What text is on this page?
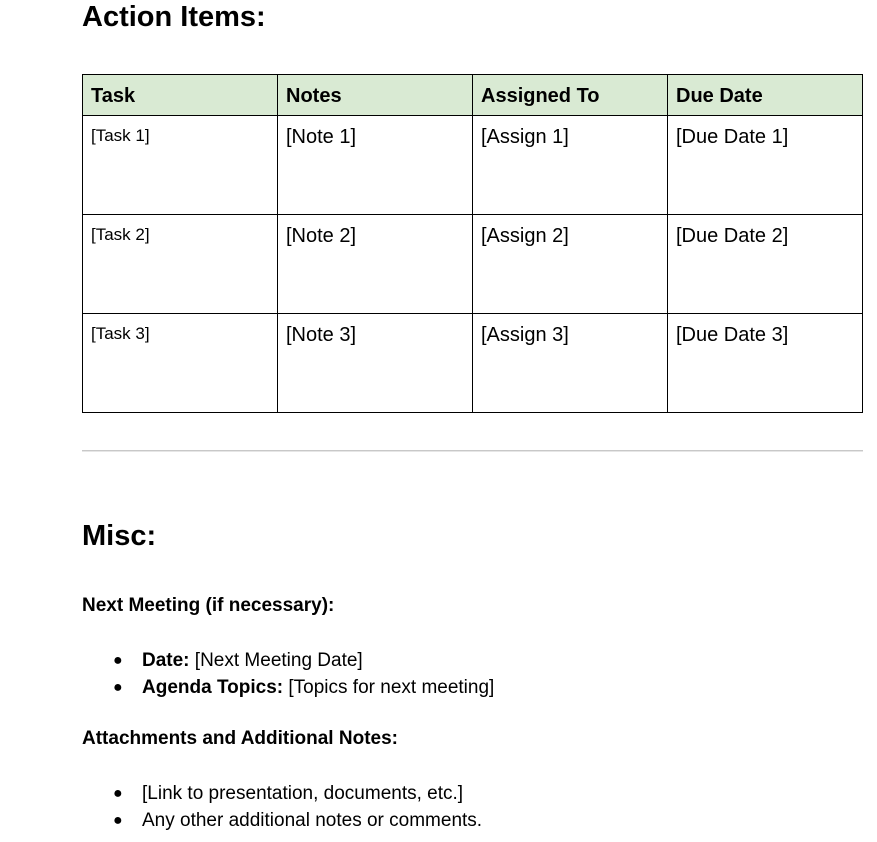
Action Items:
Task	Notes	Assigned To	Due Date
[Task 1]	[Note 1]	[Assign 1]	[Due Date 1]
[Task 2]	[Note 2]	[Assign 2]	[Due Date 2]
[Task 3]	[Note 3]	[Assign 3]	[Due Date 3]
Misc:
Next Meeting (if necessary):
● Date: [Next Meeting Date]
● Agenda Topics: [Topics for next meeting]
Attachments and Additional Notes:
● [Link to presentation, documents, etc.]
● Any other additional notes or comments.
